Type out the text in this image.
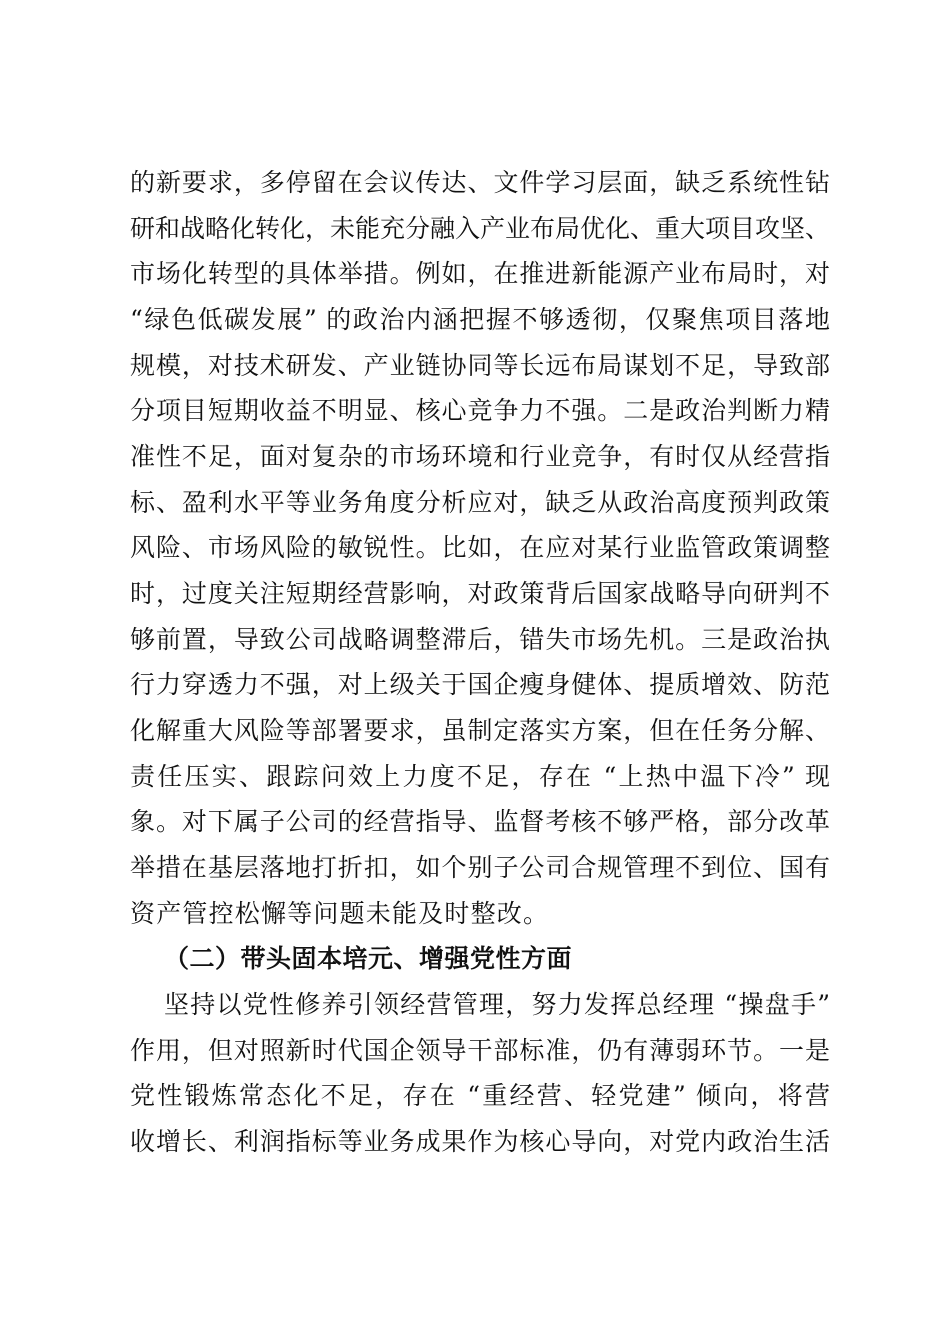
的新要求，多停留在会议传达、文件学习层面，缺乏系统性钻
研和战略化转化，未能充分融入产业布局优化、重大项目攻坚、
市场化转型的具体举措。例如，在推进新能源产业布局时，对
“绿色低碳发展” 的政治内涵把握不够透彻，仅聚焦项目落地
规模，对技术研发、产业链协同等长远布局谋划不足，导致部
分项目短期收益不明显、核心竞争力不强。二是政治判断力精
准性不足，面对复杂的市场环境和行业竞争，有时仅从经营指
标、盈利水平等业务角度分析应对，缺乏从政治高度预判政策
风险、市场风险的敏锐性。比如，在应对某行业监管政策调整
时，过度关注短期经营影响，对政策背后国家战略导向研判不
够前置，导致公司战略调整滞后，错失市场先机。三是政治执
行力穿透力不强，对上级关于国企瘦身健体、提质增效、防范
化解重大风险等部署要求，虽制定落实方案，但在任务分解、
责任压实、跟踪问效上力度不足，存在 “上热中温下冷” 现
象。对下属子公司的经营指导、监督考核不够严格，部分改革
举措在基层落地打折扣，如个别子公司合规管理不到位、国有
资产管控松懈等问题未能及时整改。
（二）带头固本培元、增强党性方面
坚持以党性修养引领经营管理，努力发挥总经理 “操盘手”
作用，但对照新时代国企领导干部标准，仍有薄弱环节。一是
党性锻炼常态化不足，存在 “重经营、轻党建” 倾向，将营
收增长、利润指标等业务成果作为核心导向，对党内政治生活
